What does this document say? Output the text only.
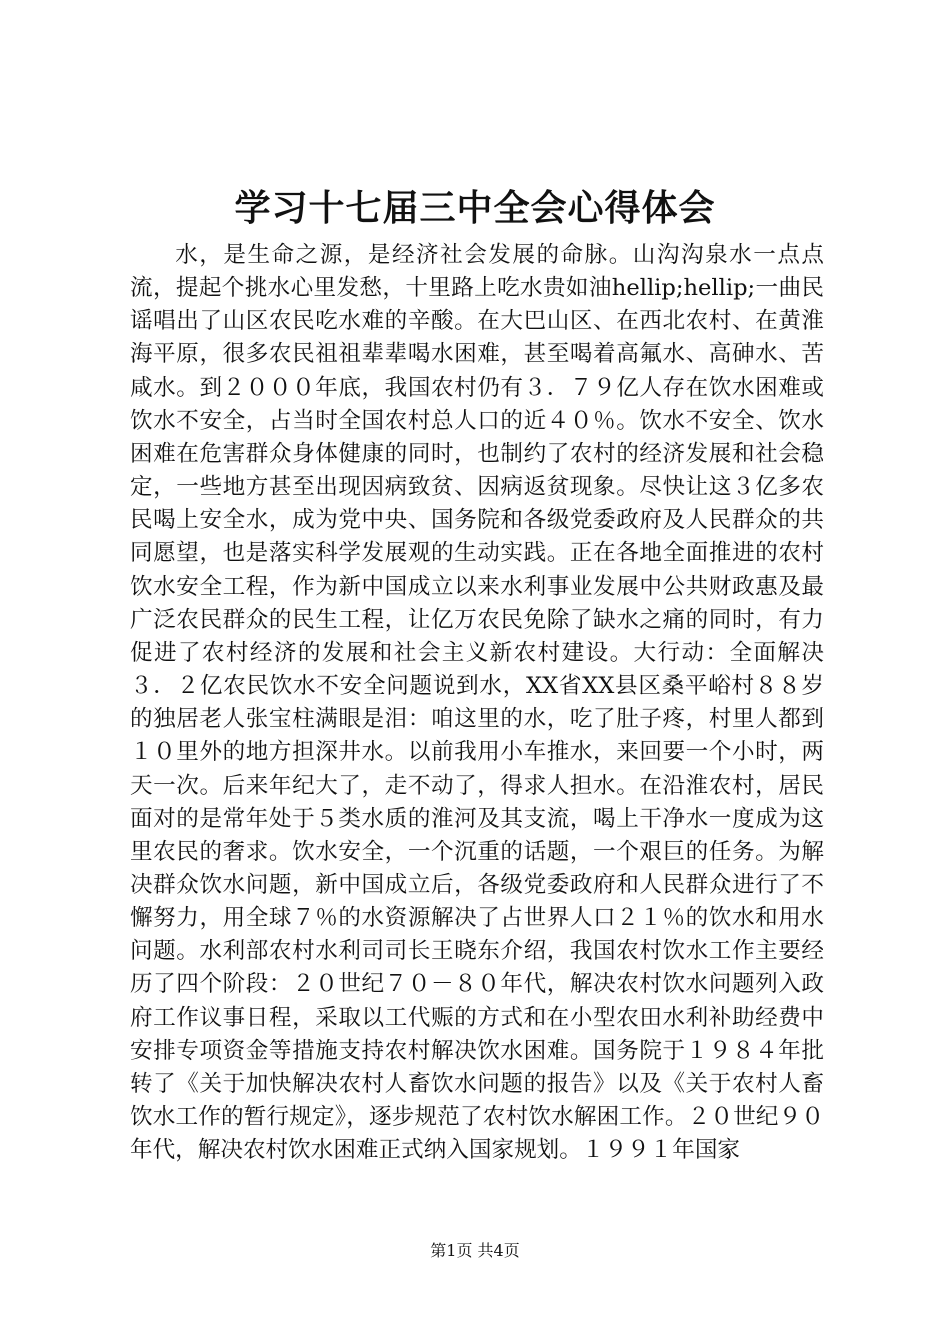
学习十七届三中全会心得体会

水，是生命之源，是经济社会发展的命脉。山沟沟泉水一点点流，提起个挑水心里发愁，十里路上吃水贵如油hellip;hellip;一曲民谣唱出了山区农民吃水难的辛酸。在大巴山区、在西北农村、在黄淮海平原，很多农民祖祖辈辈喝水困难，甚至喝着高氟水、高砷水、苦咸水。到２０００年底，我国农村仍有３．７９亿人存在饮水困难或饮水不安全，占当时全国农村总人口的近４０％。饮水不安全、饮水困难在危害群众身体健康的同时，也制约了农村的经济发展和社会稳定，一些地方甚至出现因病致贫、因病返贫现象。尽快让这３亿多农民喝上安全水，成为党中央、国务院和各级党委政府及人民群众的共同愿望，也是落实科学发展观的生动实践。正在各地全面推进的农村饮水安全工程，作为新中国成立以来水利事业发展中公共财政惠及最广泛农民群众的民生工程，让亿万农民免除了缺水之痛的同时，有力促进了农村经济的发展和社会主义新农村建设。大行动：全面解决３．２亿农民饮水不安全问题说到水，XX省XX县区桑平峪村８８岁的独居老人张宝柱满眼是泪：咱这里的水，吃了肚子疼，村里人都到１０里外的地方担深井水。以前我用小车推水，来回要一个小时，两天一次。后来年纪大了，走不动了，得求人担水。在沿淮农村，居民面对的是常年处于５类水质的淮河及其支流，喝上干净水一度成为这里农民的奢求。饮水安全，一个沉重的话题，一个艰巨的任务。为解决群众饮水问题，新中国成立后，各级党委政府和人民群众进行了不懈努力，用全球７％的水资源解决了占世界人口２１％的饮水和用水问题。水利部农村水利司司长王晓东介绍，我国农村饮水工作主要经历了四个阶段：２０世纪７０－８０年代，解决农村饮水问题列入政府工作议事日程，采取以工代赈的方式和在小型农田水利补助经费中安排专项资金等措施支持农村解决饮水困难。国务院于１９８４年批转了《关于加快解决农村人畜饮水问题的报告》以及《关于农村人畜饮水工作的暂行规定》，逐步规范了农村饮水解困工作。２０世纪９０年代，解决农村饮水困难正式纳入国家规划。１９９１年国家

第1页 共4页
